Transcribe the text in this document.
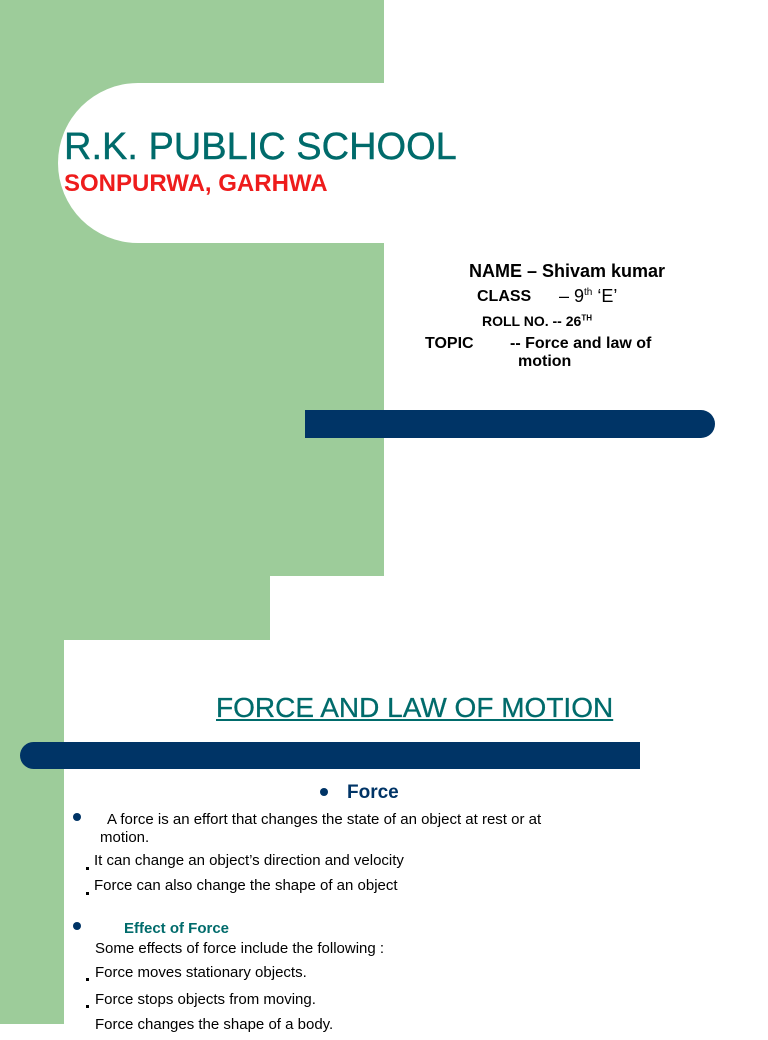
R.K. PUBLIC SCHOOL
SONPURWA, GARHWA
NAME – Shivam kumar
CLASS – 9th ‘E’
ROLL NO. -- 26TH
TOPIC -- Force and law of
motion
FORCE AND LAW OF MOTION
Force
A force is an effort that changes the state of an object at rest or at
motion.
It can change an object’s direction and velocity
Force can also change the shape of an object
Effect of Force
Some effects of force include the following :
Force moves stationary objects.
Force stops objects from moving.
Force changes the shape of a body.
